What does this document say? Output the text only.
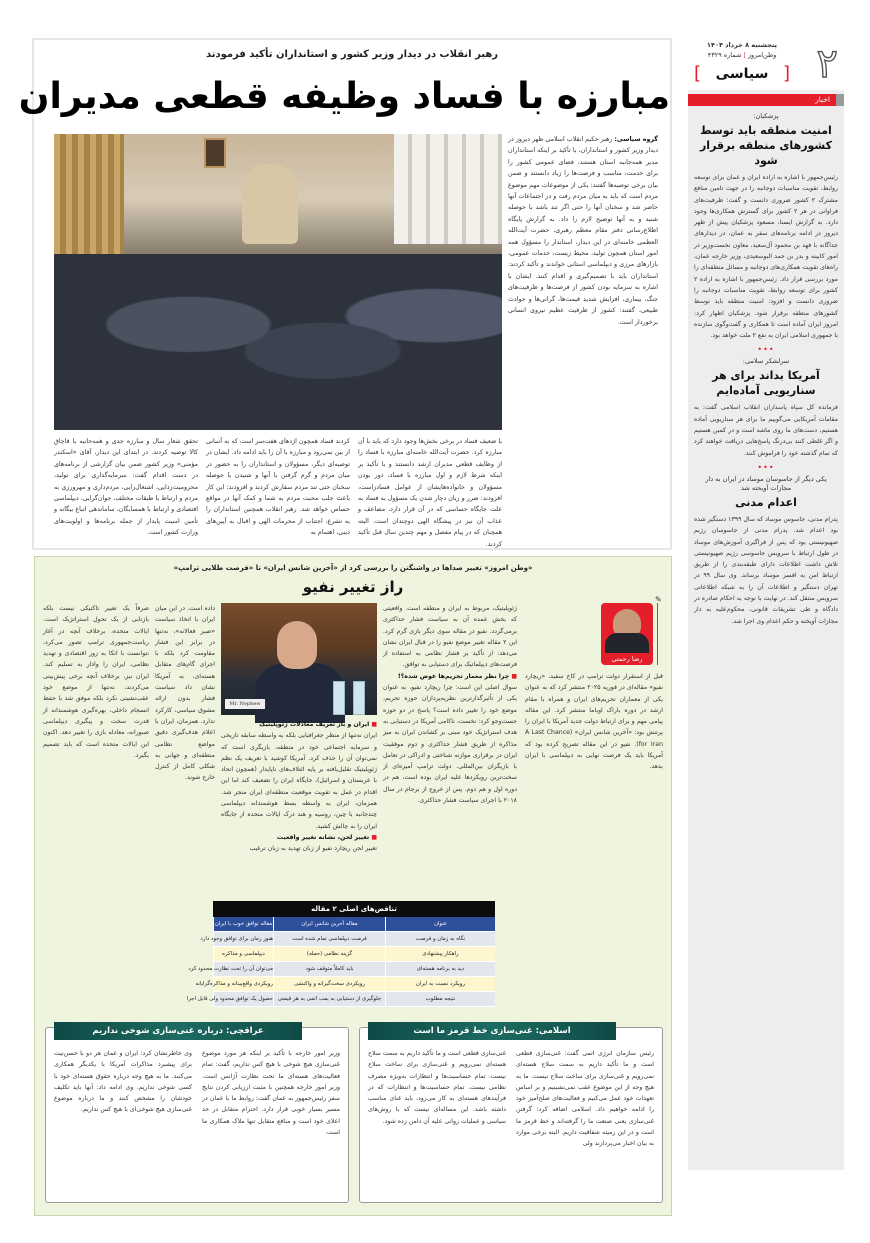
۲
پنجشنبه ۸ خرداد ۱۴۰۴
وطن‌امروز | شماره ۴۳۲۹
[
سیاسی
]
اخبار
پزشکیان:
امنیت منطقه باید توسط کشورهای منطقه برقرار شود
رئیس‌جمهور با اشاره به اراده ایران و عمان برای توسعه روابط، تقویت مناسبات دوجانبه را در جهت تامین منافع مشترک ۲ کشور ضروری دانست و گفت: ظرفیت‌های فراوانی در هر ۲ کشور برای گسترش همکاری‌ها وجود دارد. به گزارش ایسنا، مسعود پزشکیان پیش از ظهر دیروز در ادامه برنامه‌های سفر به عمان، در دیدارهای جداگانه با فهد بن محمود آل‌سعید، معاون نخست‌وزیر در امور کابینه و بدر بن حمد البوسعیدی، وزیر خارجه عمان، راه‌های تقویت همکاری‌های دوجانبه و مسائل منطقه‌ای را مورد بررسی قرار داد. رئیس‌جمهور با اشاره به اراده ۲ کشور برای توسعه روابط، تقویت مناسبات دوجانبه را ضروری دانست و افزود: امنیت منطقه باید توسط کشورهای منطقه برقرار شود. پزشکیان اظهار کرد: امروز ایران آماده است تا همکاری و گفت‌وگوی سازنده با جمهوری اسلامی ایران به نفع ۲ ملت خواهد بود.
•••
سرلشکر سلامی:
آمریکا بداند برای هر سناریویی آماده‌ایم
فرمانده کل سپاه پاسداران انقلاب اسلامی گفت: به مقامات آمریکایی می‌گوییم ما برای هر سناریویی آماده هستیم، دست‌های ما روی ماشه است و در کمین هستیم و اگر غلطی کنند بی‌درنگ پاسخ‌هایی دریافت خواهند کرد که تمام گذشته خود را فراموش کنند.
•••
یکی دیگر از جاسوسان موساد در ایران به دار مجازات آویخته شد
اعدام مدنی
پدرام مدنی، جاسوس موساد که سال ۱۳۹۹ دستگیر شده بود اعدام شد. پدرام مدنی از جاسوسان رژیم صهیونیستی بود که پس از فراگیری آموزش‌های موساد در طول ارتباط با سرویس جاسوسی رژیم صهیونیستی تلاش داشت اطلاعات دارای طبقه‌بندی را از طریق ارتباط امن به افسر موساد برساند. وی سال ۹۹ در تهران دستگیر و اطلاعات آن را به شبکه اطلاعاتی سرویس منتقل کند. در نهایت با توجه به احکام صادره در دادگاه و طی تشریفات قانونی، محکوم‌علیه به دار مجازات آویخته و حکم اعدام وی اجرا شد.
رهبر انقلاب در دیدار وزیر کشور و استانداران تأکید فرمودند
مبارزه با فساد وظیفه قطعی مدیران
گروه سیاسی: رهبر حکیم انقلاب اسلامی ظهر دیروز در دیدار وزیر کشور و استانداران، با تأکید بر اینکه استانداران مدیر همه‌جانبه استان هستند، فضای عمومی کشور را برای خدمت، مناسب و فرصت‌ها را زیاد دانستند و ضمن بیان برخی توصیه‌ها گفتند: یکی از موضوعات مهم موضوع مردم است که باید به میان مردم رفت و در اجتماعات آنها حاضر شد و سخنان آنها را حتی اگر تند باشد با حوصله شنید و به آنها توضیح لازم را داد. به گزارش پایگاه اطلاع‌رسانی دفتر مقام معظم رهبری، حضرت آیت‌الله العظمی خامنه‌ای در این دیدار، استاندار را مسؤول همه امور استان همچون تولید، محیط زیست، خدمات عمومی، بازارهای مرزی و دیپلماسی استانی خواندند و تأکید کردند: استانداران باید با تصمیم‌گیری و اقدام کنند. ایشان با اشاره به سرمایه بودن کشور از فرصت‌ها و ظرفیت‌های جنگ، بیماری، افزایش شدید قیمت‌ها، گرانی‌ها و حوادث طبیعی، گفتند: کشور از ظرفیت عظیم نیروی انسانی برخوردار است.
با ضعیف فساد در برخی بخش‌ها وجود دارد که باید با آن مبارزه کرد. حضرت آیت‌الله خامنه‌ای مبارزه با فساد را از وظایف قطعی مدیران ارشد دانستند و با تأکید بر اینکه شرط لازم و اول مبارزه با فساد، دور بودن مسؤولان و خانواده‌هایشان از عوامل فسادزاست، افزودند: ضرر و زیان دچار شدن یک مسؤول به فساد به علت جایگاه حساسی که در آن قرار دارد، مضاعف و عذاب آن نیز در پیشگاه الهی دوچندان است. البته همچنان که در پیام مفصل و مهم چندین سال قبل تأکید کردند.
کردند فساد همچون اژدهای هفت‌سر است که به آسانی از بین نمی‌رود و مبارزه با آن را باید ادامه داد. ایشان در توصیه‌ای دیگر، مسؤولان و استانداران را به حضور در میان مردم و گرم گرفتن با آنها و شنیدن با حوصله سخنان حتی تند مردم سفارش کردند و افزودند: این کار باعث جلب محبت مردم به شما و کمک آنها در مواقع حساس خواهد شد. رهبر انقلاب همچنین استانداران را به تشرع، اجتناب از محرمات الهی و اقبال به آیین‌های دینی، اهتمام به
تحقق شعار سال و مبارزه جدی و همه‌جانبه با قاچاق کالا توصیه کردند. در ابتدای این دیدار، آقای «اسکندر مؤمنی» وزیر کشور ضمن بیان گزارشی از برنامه‌های در دست اقدام گفت: سرمایه‌گذاری برای تولید، محرومیت‌زدایی، اشتغال‌زایی، مردم‌داری و مهرورزی به مردم و ارتباط با طبقات مختلف، جوان‌گرایی، دیپلماسی اقتصادی و ارتباط با همسایگان، ساماندهی اتباع بیگانه و تأمین امنیت پایدار از جمله برنامه‌ها و اولویت‌های وزارت کشور است.
«وطن امروز» تغییر صداها در واشنگتن را بررسی کرد از «آخرین شانس ایران» تا «فرصت طلایی ترامپ»
راز تغییر نفیو
رضا رحمتی
✎
قبل از استقرار دولت ترامپ در کاخ سفید، «ریچارد نفیو» مقاله‌ای در فوریه ۲۰۲۵ منتشر کرد که به عنوان یکی از معماران تحریم‌های ایران و همراه با مقام ارشد در دوره باراک اوباما منتشر کرد. این مقاله پیامی مهم و برای ارتباط دولت جدید آمریکا با ایران را پرتنش بود: «آخرین شانس ایران» (A Last Chance for Iran). نفیو در این مقاله تصریح کرده بود که آمریکا باید یک فرصت نهایی به دیپلماسی با ایران بدهد.
ژئوپلیتیک، مربوط به ایران و منطقه است. واقعیتی که بخش عمده آن به سیاست فشار حداکثری برمی‌گردد. نفیو در مقاله سوی دیگر بازی گرم کرد. این ۲ مقاله تغییر موضع نفیو را در قبال ایران نشان می‌دهد: از تأکید بر فشار نظامی به استفاده از فرصت‌های دیپلماتیک برای دستیابی به توافق.
■ چرا نظر معمار تحریم‌ها عوض شده؟!
سوال اصلی این است: چرا ریچارد نفیو، به عنوان یکی از تأثیرگذارترین نظریه‌پردازان حوزه تحریم، موضع خود را تغییر داده است؟ پاسخ در دو حوزه جست‌وجو کرد: نخست، ناکامی آمریکا در دستیابی به هدف استراتژیک خود مبنی بر کشاندن ایران به میز مذاکره از طریق فشار حداکثری و دوم موفقیت ایران در برقراری موازنه شناختی و ادراکی در تعامل با بازیگران بین‌المللی. دولت ترامپ آمیزه‌ای از سخت‌ترین رویکردها علیه ایران بوده است، هم در دوره اول و هم دوم. پس از خروج از برجام در سال ۲۰۱۸ با اجرای سیاست فشار حداکثری.
Mr. Nephew
■ ایران و باز تعریف معادلات ژئوپلیتیک
ایران نه‌تنها از منظر جغرافیایی بلکه به واسطه سابقه تاریخی و سرمایه اجتماعی خود در منطقه، بازیگری است که نمی‌توان آن را حذف کرد. آمریکا کوشید با تعریف یک نظم ژئوپلیتیک تقلیل‌یافته بر پایه ائتلاف‌های ناپایدار (همچون اتحاد با عربستان و اسرائیل)، جایگاه ایران را تضعیف کند اما این اقدام در عمل به تقویت موقعیت منطقه‌ای ایران منجر شد. همزمان، ایران به واسطه بسط هوشمندانه دیپلماسی چندجانبه با چین، روسیه و هند درک ایالات متحده از جایگاه ایران را به چالش کشید.
■ تغییر لحن، نشانه تغییر واقعیت
تغییر لحن ریچارد نفیو از زبان تهدید به زبان ترغیب
داده است. در این میان ایران با اتخاذ سیاست «صبر فعالانه»، نه‌تنها در برابر این فشار مقاومت کرد بلکه با اجرای گام‌های متقابل هسته‌ای، به آمریکا نشان داد سیاست فشار بدون ارائه مشوق سیاسی، کارکرد ندارد. همزمان، ایران با اعلام هدف‌گیری دقیق مواضع نظامی منطقه‌ای و جهانی به شکلی کامل از کنترل خارج شوند.
صرفاً یک تغییر تاکتیکی نیست بلکه بازتابی از یک تحول استراتژیک است. ایالات متحده، برخلاف آنچه در آغاز ریاست‌جمهوری ترامپ تصور می‌کرد، نتوانست با اتکا به زور اقتصادی و تهدید نظامی، ایران را وادار به تسلیم کند. ایران نیز، برخلاف آنچه برخی پیش‌بینی می‌کردند، نه‌تنها از موضع خود عقب‌نشینی نکرد بلکه موفق شد با حفظ انسجام داخلی، بهره‌گیری هوشمندانه از قدرت سخت و پیگیری دیپلماسی صبورانه، معادله بازی را تغییر دهد. اکنون این ایالات متحده است که باید تصمیم بگیرد.
تناقض‌های اصلی ۲ مقاله
عنوان
مقاله آخرین شانس ایران
مقاله توافق خوب با ایران
نگاه به زمان و فرصت
فرصت دیپلماسی تمام شده است
هنوز زمان برای توافق وجود دارد
راهکار پیشنهادی
گزینه نظامی (حمله)
دیپلماسی و مذاکره
دید به برنامه هسته‌ای
باید کاملاً متوقف شود
می‌توان آن را تحت نظارت محدود کرد
رویکرد نسبت به ایران
رویکردی سخت‌گیرانه و واکنشی
رویکردی واقع‌بینانه و مذاکره‌گرایانه
نتیجه مطلوب
جلوگیری از دستیابی به بمب اتمی به هر قیمتی
حصول یک توافق محدود ولی قابل اجرا
اسلامی: غنی‌سازی خط قرمز ما است
رئیس سازمان انرژی اتمی گفت: غنی‌سازی قطعی است و ما تأکید داریم به سمت سلاح هسته‌ای نمی‌رویم و غنی‌سازی برای ساخت سلاح نیست. ما به هیچ وجه از این موضوع عقب نمی‌نشینیم و بر اساس تعهدات خود عمل می‌کنیم و فعالیت‌های صلح‌آمیز خود را ادامه خواهیم داد. اسلامی اضافه کرد: گرفتن غنی‌سازی یعنی صنعت ما را گرفته‌اند و خط قرمز ما است و در این زمینه شفافیت داریم. البته برخی موارد به بیان اخبار می‌پردازند ولی
غنی‌سازی قطعی است و ما تأکید داریم به سمت سلاح هسته‌ای نمی‌رویم و غنی‌سازی برای ساخت سلاح نیست. تمام حساسیت‌ها و انتظارات به‌ویژه مصرف نظامی نیست. تمام حساسیت‌ها و انتظارات که در فرآیندهای هسته‌ای به کار می‌رود، باید غنای مناسب داشته باشد. این مساله‌ای نیست که با روش‌های سیاسی و عملیات روانی علیه آن دامن زده شود.
عراقچی: درباره غنی‌سازی شوخی نداریم
وزیر امور خارجه با تأکید بر اینکه هر مورد موضوع غنی‌سازی هیچ شوخی با هیچ کس نداریم، گفت: تمام فعالیت‌های هسته‌ای ما تحت نظارت آژانس است. وزیر امور خارجه همچنین با مثبت ارزیابی کردن نتایج سفر رئیس‌جمهور به عمان گفت: روابط ما با عمان در مسیر بسیار خوبی قرار دارد. احترام متقابل در حد اعلای خود است و منافع متقابل تنها ملاک همکاری ما است.
وی خاطرنشان کرد: ایران و عمان هر دو با حسن‌نیت برای پیشبرد مذاکرات آمریکا با یکدیگر همکاری می‌کنند. ما به هیچ وجه درباره حقوق هسته‌ای خود با کسی شوخی نداریم. وی ادامه داد: آنها باید تکلیف خودشان را مشخص کنند و ما درباره موضوع غنی‌سازی هیچ شوخی‌ای با هیچ کس نداریم.
